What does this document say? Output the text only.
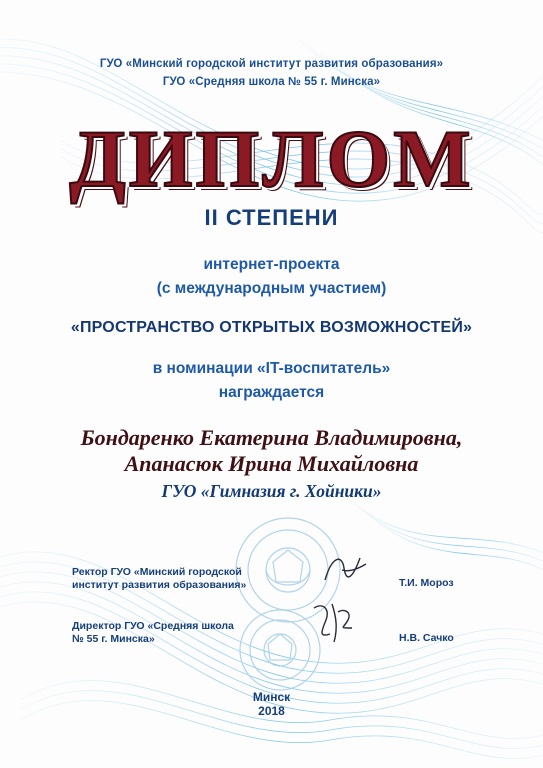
ГУО «Минский городской институт развития образования»
ГУО «Средняя школа № 55 г. Минска»
ДИПЛОМ
II СТЕПЕНИ
интернет-проекта
(с международным участием)
«ПРОСТРАНСТВО ОТКРЫТЫХ ВОЗМОЖНОСТЕЙ»
в номинации «IT-воспитатель»
награждается
Бондаренко Екатерина Владимировна,
Апанасюк Ирина Михайловна
ГУО «Гимназия г. Хойники»
Ректор ГУО «Минский городской
институт развития образования»	Т.И. Мороз
Директор ГУО «Средняя школа
№ 55 г. Минска»	Н.В. Сачко
Минск
2018
